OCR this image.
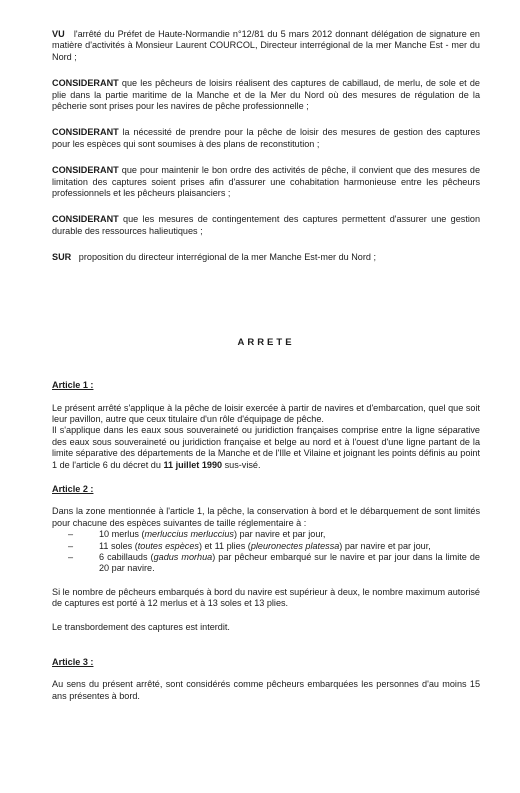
VU l'arrêté du Préfet de Haute-Normandie n°12/81 du 5 mars 2012 donnant délégation de signature en matière d'activités à Monsieur Laurent COURCOL, Directeur interrégional de la mer Manche Est - mer du Nord ;

CONSIDERANT que les pêcheurs de loisirs réalisent des captures de cabillaud, de merlu, de sole et de plie dans la partie maritime de la Manche et de la Mer du Nord où des mesures de régulation de la pêcherie sont prises pour les navires de pêche professionnelle ;

CONSIDERANT la nécessité de prendre pour la pêche de loisir des mesures de gestion des captures pour les espèces qui sont soumises à des plans de reconstitution ;

CONSIDERANT que pour maintenir le bon ordre des activités de pêche, il convient que des mesures de limitation des captures soient prises afin d'assurer une cohabitation harmonieuse entre les pêcheurs professionnels et les pêcheurs plaisanciers ;

CONSIDERANT que les mesures de contingentement des captures permettent d'assurer une gestion durable des ressources halieutiques ;

SUR proposition du directeur interrégional de la mer Manche Est-mer du Nord ;

ARRETE
Article 1 :

Le présent arrêté s'applique à la pêche de loisir exercée à partir de navires et d'embarcation, quel que soit leur pavillon, autre que ceux titulaire d'un rôle d'équipage de pêche.

Il s'applique dans les eaux sous souveraineté ou juridiction françaises comprise entre la ligne séparative des eaux sous souveraineté ou juridiction française et belge au nord et à l'ouest d'une ligne partant de la limite séparative des départements de la Manche et de l'Ille et Vilaine et joignant les points définis au point 1 de l'article 6 du décret du 11 juillet 1990 sus-visé.

Article 2 :

Dans la zone mentionnée à l'article 1, la pêche, la conservation à bord et le débarquement de sont limités pour chacune des espèces suivantes de taille réglementaire à :

–	10 merlus (merluccius merluccius) par navire et par jour,
–	11 soles (toutes espèces) et 11 plies (pleuronectes platessa) par navire et par jour,
–	6 cabillauds (gadus morhua) par pêcheur embarqué sur le navire et par jour dans la limite de 20 par navire.

Si le nombre de pêcheurs embarqués à bord du navire est supérieur à deux, le nombre maximum autorisé de captures est porté à 12 merlus et à 13 soles et 13 plies.

Le transbordement des captures est interdit.

Article 3 :

Au sens du présent arrêté, sont considérés comme pêcheurs embarquées les personnes d'au moins 15 ans présentes à bord.
